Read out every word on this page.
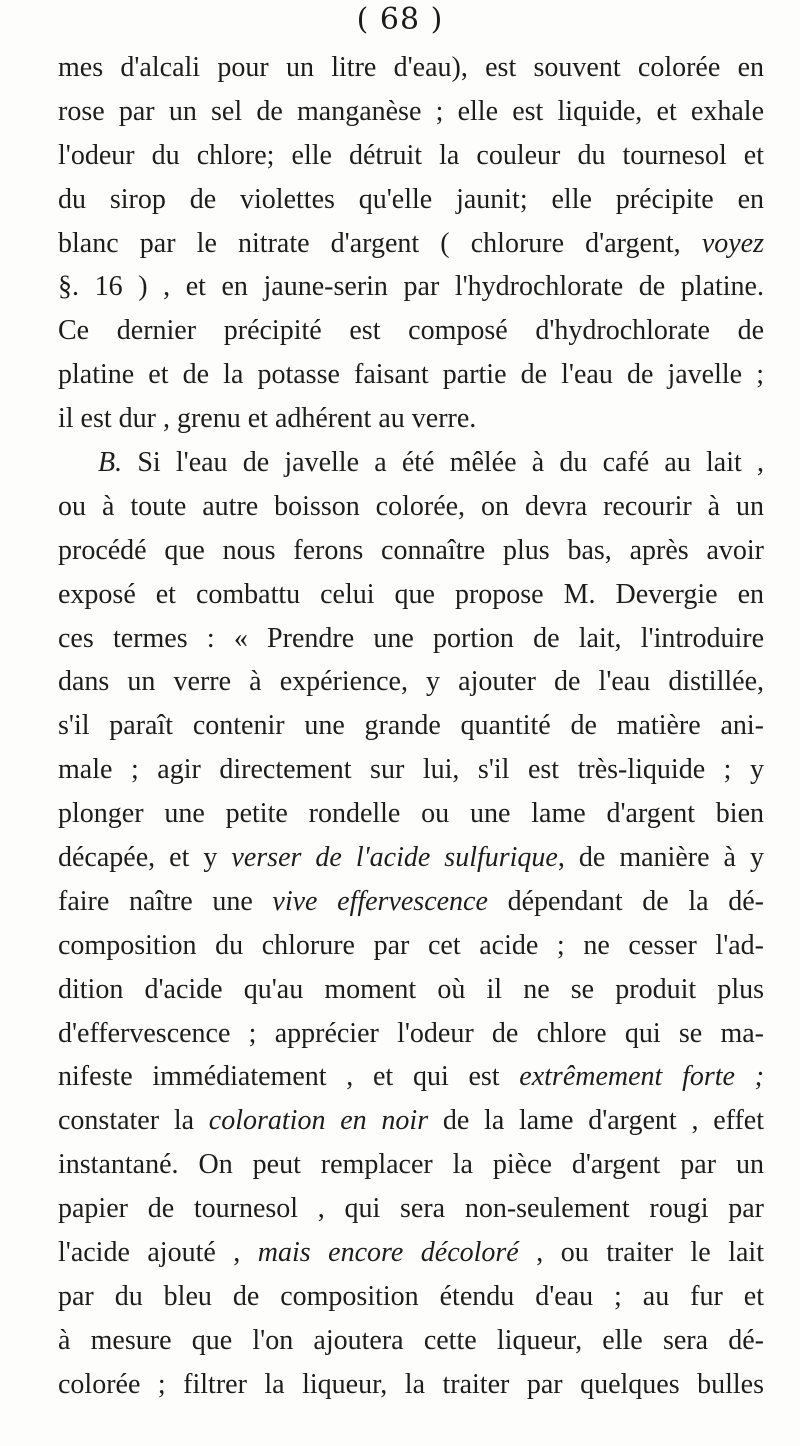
( 68 )
mes d'alcali pour un litre d'eau), est souvent colorée en
rose par un sel de manganèse ; elle est liquide, et exhale
l'odeur du chlore; elle détruit la couleur du tournesol et
du sirop de violettes qu'elle jaunit; elle précipite en
blanc par le nitrate d'argent ( chlorure d'argent, voyez
§. 16 ) , et en jaune-serin par l'hydrochlorate de platine.
Ce dernier précipité est composé d'hydrochlorate de
platine et de la potasse faisant partie de l'eau de javelle ;
il est dur , grenu et adhérent au verre.
B. Si l'eau de javelle a été mêlée à du café au lait ,
ou à toute autre boisson colorée, on devra recourir à un
procédé que nous ferons connaître plus bas, après avoir
exposé et combattu celui que propose M. Devergie en
ces termes : « Prendre une portion de lait, l'introduire
dans un verre à expérience, y ajouter de l'eau distillée,
s'il paraît contenir une grande quantité de matière ani-
male ; agir directement sur lui, s'il est très-liquide ; y
plonger une petite rondelle ou une lame d'argent bien
décapée, et y verser de l'acide sulfurique, de manière à y
faire naître une vive effervescence dépendant de la dé-
composition du chlorure par cet acide ; ne cesser l'ad-
dition d'acide qu'au moment où il ne se produit plus
d'effervescence ; apprécier l'odeur de chlore qui se ma-
nifeste immédiatement , et qui est extrêmement forte ;
constater la coloration en noir de la lame d'argent , effet
instantané. On peut remplacer la pièce d'argent par un
papier de tournesol , qui sera non-seulement rougi par
l'acide ajouté , mais encore décoloré , ou traiter le lait
par du bleu de composition étendu d'eau ; au fur et
à mesure que l'on ajoutera cette liqueur, elle sera dé-
colorée ; filtrer la liqueur, la traiter par quelques bulles
